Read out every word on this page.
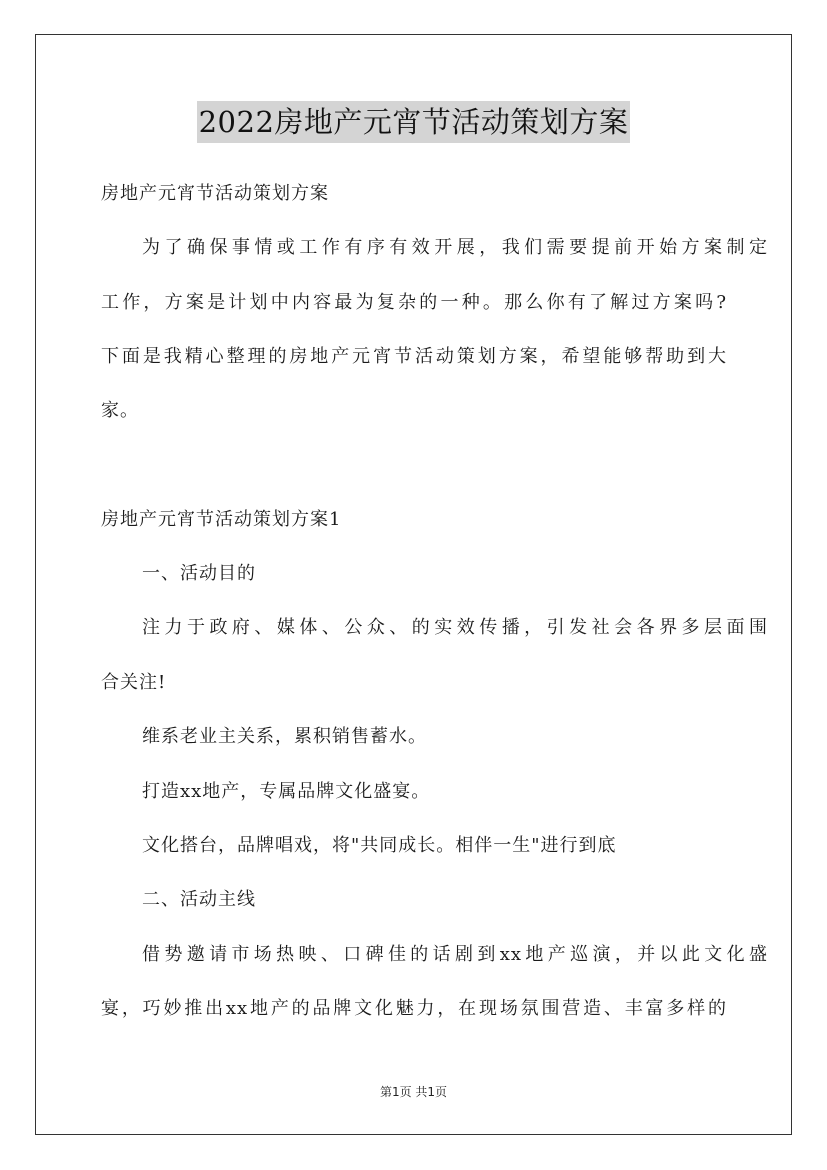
2022房地产元宵节活动策划方案

房地产元宵节活动策划方案

为了确保事情或工作有序有效开展，我们需要提前开始方案制定

工作，方案是计划中内容最为复杂的一种。那么你有了解过方案吗?

下面是我精心整理的房地产元宵节活动策划方案，希望能够帮助到大

家。

房地产元宵节活动策划方案1

一、活动目的

注力于政府、媒体、公众、的实效传播，引发社会各界多层面围

合关注!

维系老业主关系，累积销售蓄水。

打造xx地产，专属品牌文化盛宴。

文化搭台，品牌唱戏，将"共同成长。相伴一生"进行到底

二、活动主线

借势邀请市场热映、口碑佳的话剧到xx地产巡演，并以此文化盛

宴，巧妙推出xx地产的品牌文化魅力，在现场氛围营造、丰富多样的

第1页 共1页
